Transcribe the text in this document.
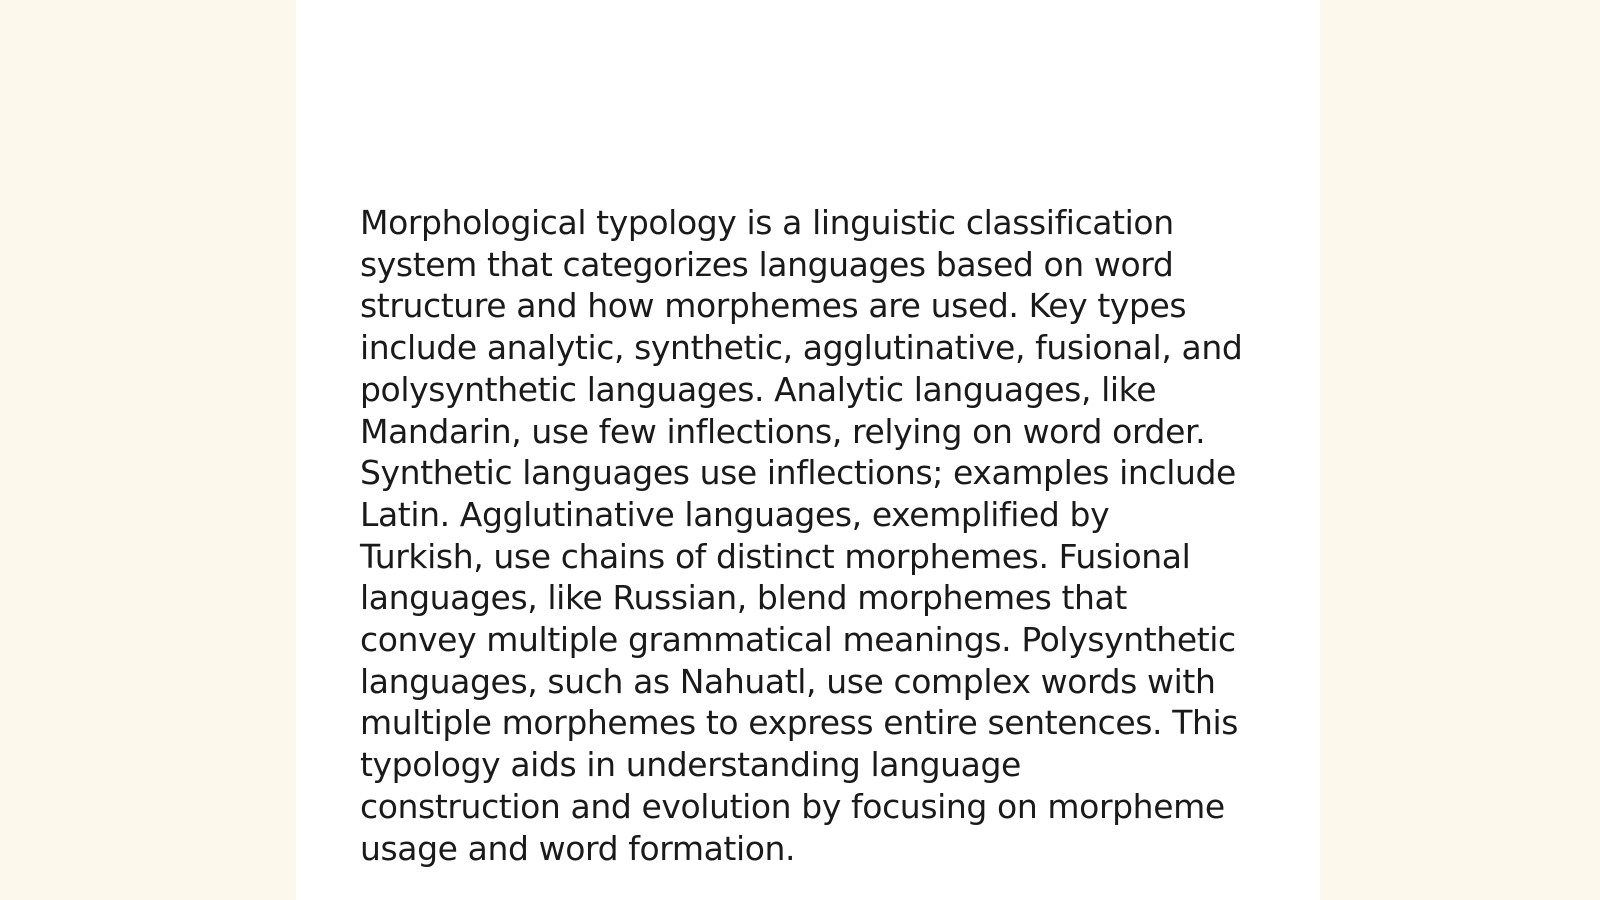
Morphological typology is a linguistic classification
system that categorizes languages based on word
structure and how morphemes are used. Key types
include analytic, synthetic, agglutinative, fusional, and
polysynthetic languages. Analytic languages, like
Mandarin, use few inflections, relying on word order.
Synthetic languages use inflections; examples include
Latin. Agglutinative languages, exemplified by
Turkish, use chains of distinct morphemes. Fusional
languages, like Russian, blend morphemes that
convey multiple grammatical meanings. Polysynthetic
languages, such as Nahuatl, use complex words with
multiple morphemes to express entire sentences. This
typology aids in understanding language
construction and evolution by focusing on morpheme
usage and word formation.
